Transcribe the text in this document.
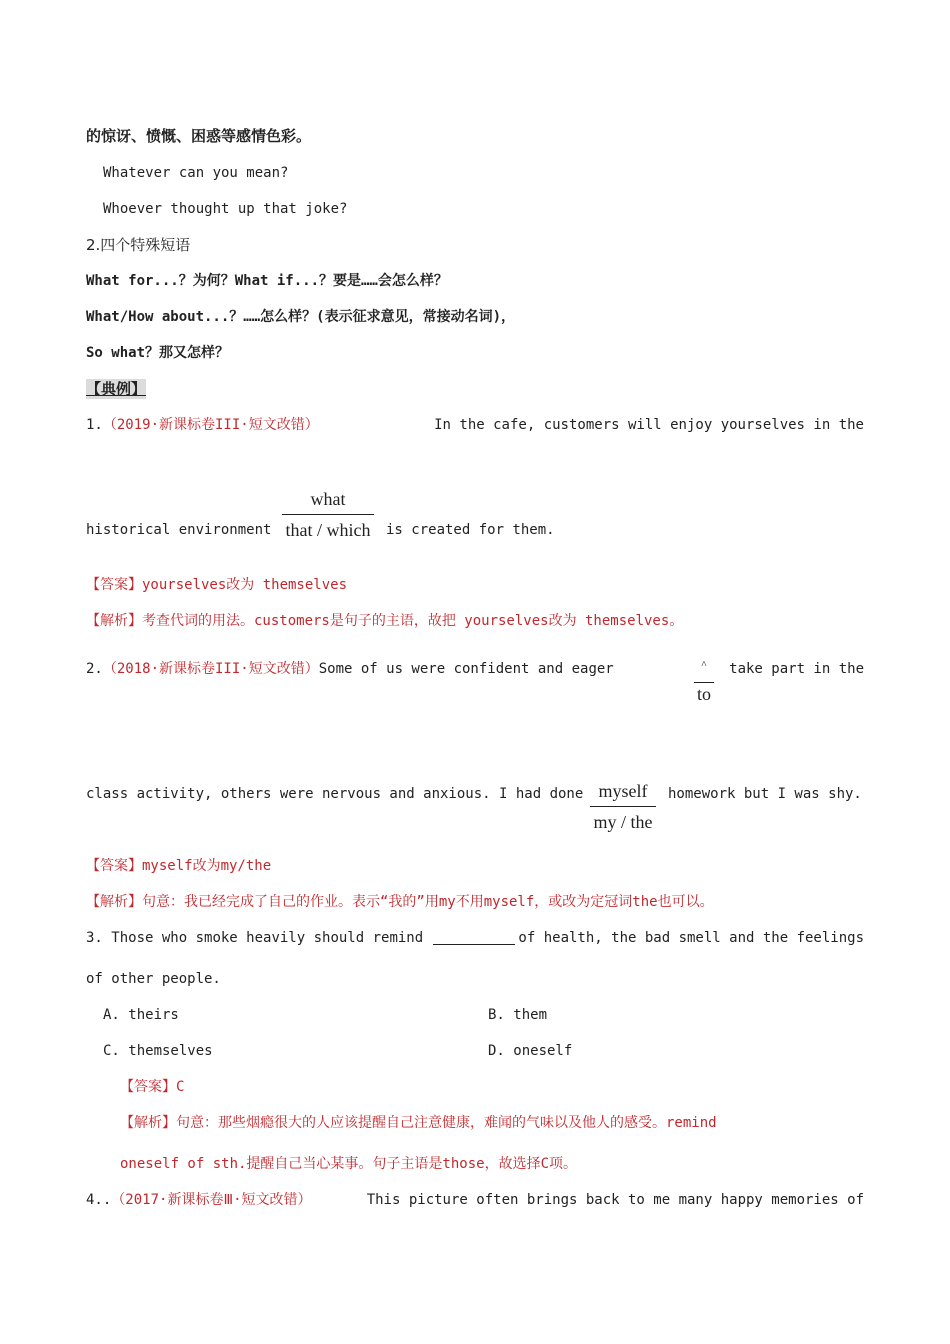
的惊讶、愤慨、困惑等感情色彩。
Whatever can you mean?
Whoever thought up that joke?
2.四个特殊短语
What for...？为何？What if...？要是……会怎么样？
What/How about...？……怎么样？(表示征求意见，常接动名词)，
So what？那又怎样？
【典例】
1.（2019·新课标卷III·短文改错）	In the cafe, customers will enjoy yourselves in the
what
that / which
historical environment	is created for them.
【答案】yourselves改为 themselves
【解析】考查代词的用法。customers是句子的主语，故把 yourselves改为 themselves。
2.（2018·新课标卷III·短文改错）Some of us were confident and eager	^
to
take part in the
class activity, others were nervous and anxious. I had done myself
my / the
homework but I was shy.
【答案】myself改为my/the
【解析】句意：我已经完成了自己的作业。表示“我的”用my不用myself，或改为定冠词the也可以。
3. Those who smoke heavily should remind	of health, the bad smell and the feelings
of other people.
A. theirs	B. them
C. themselves	D. oneself
【答案】C
【解析】句意：那些烟瘾很大的人应该提醒自己注意健康，难闻的气味以及他人的感受。remind
oneself of sth.提醒自己当心某事。句子主语是those，故选择C项。
4..（2017·新课标卷Ⅲ·短文改错）	This picture often brings back to me many happy memories of
